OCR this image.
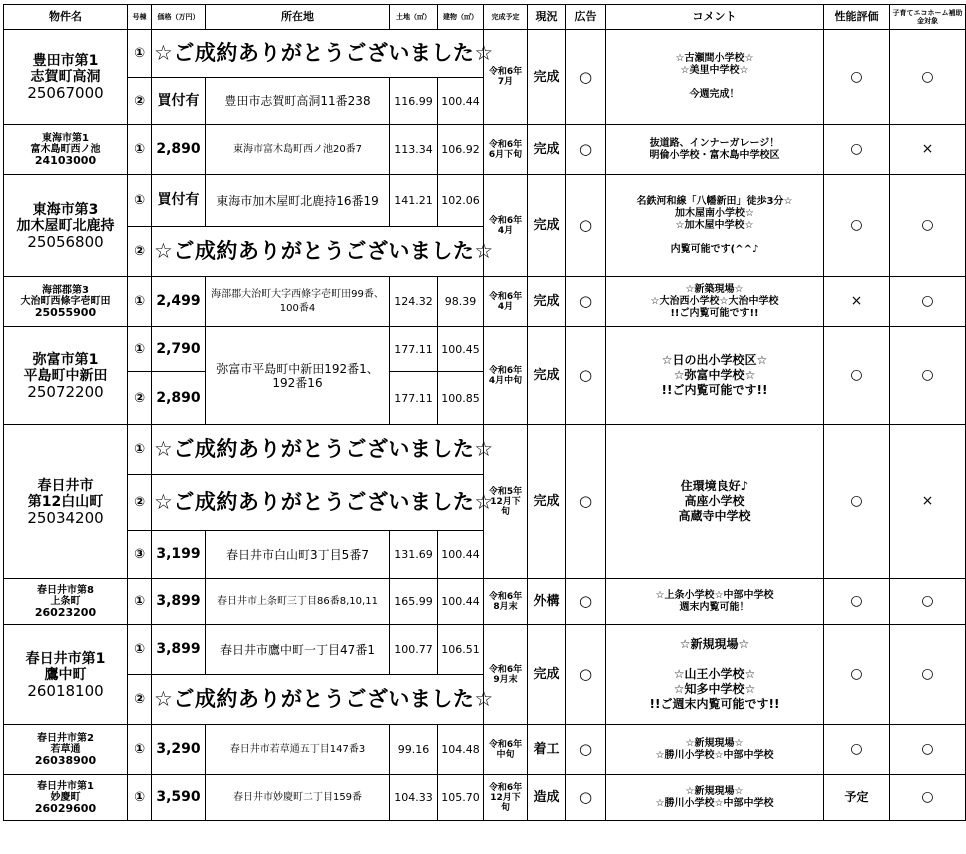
物件名	号棟	価格（万円）	所在地	土地（㎡）	建物（㎡）	完成予定	現況	広告	コメント	性能評価	子育てエコホーム補助金対象
豊田市第1
志賀町高洞
25067000	①	☆ご成約ありがとうございました☆				令和6年7月	完成	○	☆古瀬間小学校☆
☆美里中学校☆

今週完成！	○	○
	②	買付有	豊田市志賀町高洞11番238	116.99	100.44						
東海市第1
富木島町西ノ池
24103000	①	2,890	東海市富木島町西ノ池20番7	113.34	106.92	令和6年6月下旬	完成	○	抜道路、インナーガレージ！
明倫小学校・富木島中学校区	○	×
東海市第3
加木屋町北鹿持
25056800	①	買付有	東海市加木屋町北鹿持16番19	141.21	102.06	令和6年4月	完成	○	名鉄河和線「八幡新田」徒歩3分☆
加木屋南小学校☆
☆加木屋中学校☆

内覧可能です(^^♪	○	○
	②	☆ご成約ありがとうございました☆									
海部郡第3
大治町西條字壱町田
25055900	①	2,499	海部郡大治町大字西條字壱町田99番、100番4	124.32	98.39	令和6年4月	完成	○	☆新築現場☆
☆大治西小学校☆大治中学校
!!ご内覧可能です!!	×	○
弥富市第1
平島町中新田
25072200	①	2,790	弥富市平島町中新田192番1、192番16	177.11	100.45	令和6年4月中旬	完成	○	☆日の出小学校区☆
☆弥富中学校☆
!!ご内覧可能です!!	○	○
	②	2,890		177.11	100.85						
春日井市
第12白山町
25034200	①	☆ご成約ありがとうございました☆				令和5年12月下旬	完成	○	住環境良好♪
高座小学校
高蔵寺中学校	○	×
	②	☆ご成約ありがとうございました☆									
	③	3,199	春日井市白山町3丁目5番7	131.69	100.44						
春日井市第8
上条町
26023200	①	3,899	春日井市上条町三丁目86番8,10,11	165.99	100.44	令和6年8月末	外構	○	☆上条小学校☆中部中学校
週末内覧可能！	○	○
春日井市第1
鷹中町
26018100	①	3,899	春日井市鷹中町一丁目47番1	100.77	106.51	令和6年9月末	完成	○	☆新規現場☆

☆山王小学校☆
☆知多中学校☆
!!ご週末内覧可能です!!	○	○
	②	☆ご成約ありがとうございました☆									
春日井市第2
若草通
26038900	①	3,290	春日井市若草通五丁目147番3	99.16	104.48	令和6年中旬	着工	○	☆新規現場☆
☆勝川小学校☆中部中学校	○	○
春日井市第1
妙慶町
26029600	①	3,590	春日井市妙慶町二丁目159番	104.33	105.70	令和6年12月下旬	造成	○	☆新規現場☆
☆勝川小学校☆中部中学校	予定	○
